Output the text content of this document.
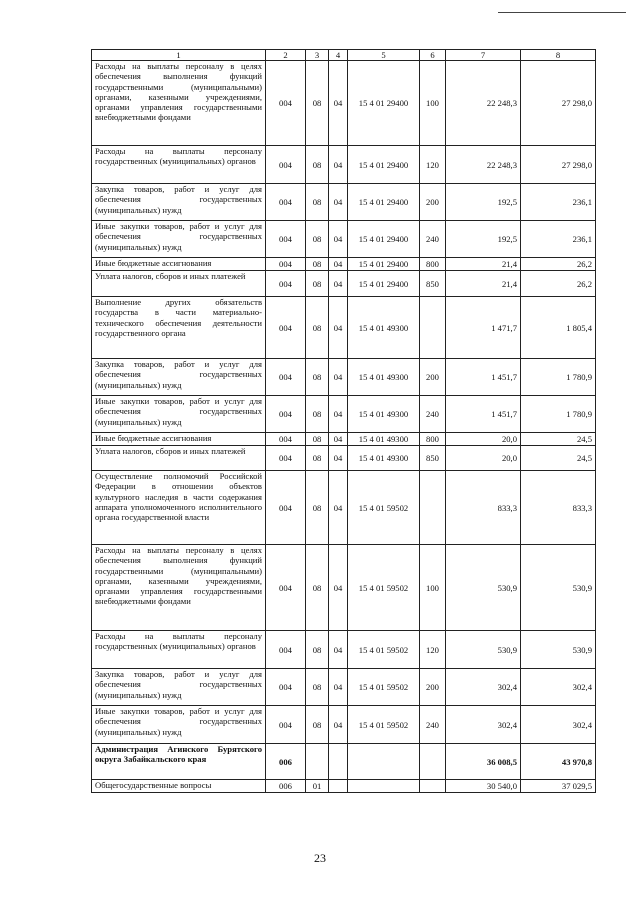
1	2	3	4	5	6	7	8
Расходы на выплаты персоналу в целях обеспечения выполнения функций государственными (муниципальными) органами, казенными учреждениями, органами управления государственными внебюджетными фондами	004	08	04	15 4 01 29400	100	22 248,3	27 298,0
Расходы на выплаты персоналу государственных (муниципальных) органов	004	08	04	15 4 01 29400	120	22 248,3	27 298,0
Закупка товаров, работ и услуг для обеспечения государственных (муниципальных) нужд	004	08	04	15 4 01 29400	200	192,5	236,1
Иные закупки товаров, работ и услуг для обеспечения государственных (муниципальных) нужд	004	08	04	15 4 01 29400	240	192,5	236,1
Иные бюджетные ассигнования	004	08	04	15 4 01 29400	800	21,4	26,2
Уплата налогов, сборов и иных платежей	004	08	04	15 4 01 29400	850	21,4	26,2
Выполнение других обязательств государства в части материально-технического обеспечения деятельности государственного органа	004	08	04	15 4 01 49300		1 471,7	1 805,4
Закупка товаров, работ и услуг для обеспечения государственных (муниципальных) нужд	004	08	04	15 4 01 49300	200	1 451,7	1 780,9
Иные закупки товаров, работ и услуг для обеспечения государственных (муниципальных) нужд	004	08	04	15 4 01 49300	240	1 451,7	1 780,9
Иные бюджетные ассигнования	004	08	04	15 4 01 49300	800	20,0	24,5
Уплата налогов, сборов и иных платежей	004	08	04	15 4 01 49300	850	20,0	24,5
Осуществление полномочий Российской Федерации в отношении объектов культурного наследия в части содержания аппарата уполномоченного исполнительного органа государственной власти	004	08	04	15 4 01 59502		833,3	833,3
Расходы на выплаты персоналу в целях обеспечения выполнения функций государственными (муниципальными) органами, казенными учреждениями, органами управления государственными внебюджетными фондами	004	08	04	15 4 01 59502	100	530,9	530,9
Расходы на выплаты персоналу государственных (муниципальных) органов	004	08	04	15 4 01 59502	120	530,9	530,9
Закупка товаров, работ и услуг для обеспечения государственных (муниципальных) нужд	004	08	04	15 4 01 59502	200	302,4	302,4
Иные закупки товаров, работ и услуг для обеспечения государственных (муниципальных) нужд	004	08	04	15 4 01 59502	240	302,4	302,4
Администрация Агинского Бурятского округа Забайкальского края	006					36 008,5	43 970,8
Общегосударственные вопросы	006	01				30 540,0	37 029,5
23
